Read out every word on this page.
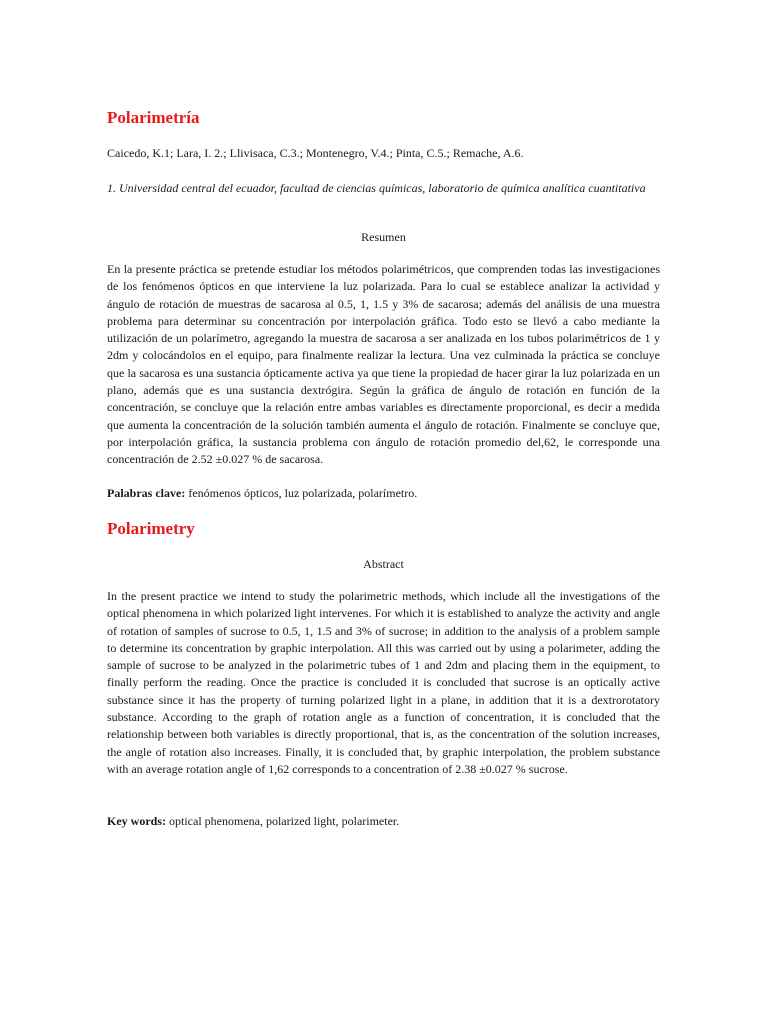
Polarimetría
Caicedo, K.1; Lara, I. 2.; Llivisaca, C.3.; Montenegro, V.4.; Pinta, C.5.; Remache, A.6.
1. Universidad central del ecuador, facultad de ciencias químicas, laboratorio de química analítica cuantitativa
Resumen

En la presente práctica se pretende estudiar los métodos polarimétricos, que comprenden todas las investigaciones de los fenómenos ópticos en que interviene la luz polarizada. Para lo cual se establece analizar la actividad y ángulo de rotación de muestras de sacarosa al 0.5, 1, 1.5 y 3% de sacarosa; además del análisis de una muestra problema para determinar su concentración por interpolación gráfica. Todo esto se llevó a cabo mediante la utilización de un polarímetro, agregando la muestra de sacarosa a ser analizada en los tubos polarimétricos de 1 y 2dm y colocándolos en el equipo, para finalmente realizar la lectura. Una vez culminada la práctica se concluye que la sacarosa es una sustancia ópticamente activa ya que tiene la propiedad de hacer girar la luz polarizada en un plano, además que es una sustancia dextrógira. Según la gráfica de ángulo de rotación en función de la concentración, se concluye que la relación entre ambas variables es directamente proporcional, es decir a medida que aumenta la concentración de la solución también aumenta el ángulo de rotación. Finalmente se concluye que, por interpolación gráfica, la sustancia problema con ángulo de rotación promedio del,62, le corresponde una concentración de 2.52 ±0.027 % de sacarosa.

Palabras clave: fenómenos ópticos, luz polarizada, polarímetro.
Polarimetry
Abstract

In the present practice we intend to study the polarimetric methods, which include all the investigations of the optical phenomena in which polarized light intervenes. For which it is established to analyze the activity and angle of rotation of samples of sucrose to 0.5, 1, 1.5 and 3% of sucrose; in addition to the analysis of a problem sample to determine its concentration by graphic interpolation. All this was carried out by using a polarimeter, adding the sample of sucrose to be analyzed in the polarimetric tubes of 1 and 2dm and placing them in the equipment, to finally perform the reading. Once the practice is concluded it is concluded that sucrose is an optically active substance since it has the property of turning polarized light in a plane, in addition that it is a dextrorotatory substance. According to the graph of rotation angle as a function of concentration, it is concluded that the relationship between both variables is directly proportional, that is, as the concentration of the solution increases, the angle of rotation also increases. Finally, it is concluded that, by graphic interpolation, the problem substance with an average rotation angle of 1,62 corresponds to a concentration of 2.38 ±0.027 % sucrose.

Key words: optical phenomena, polarized light, polarimeter.
